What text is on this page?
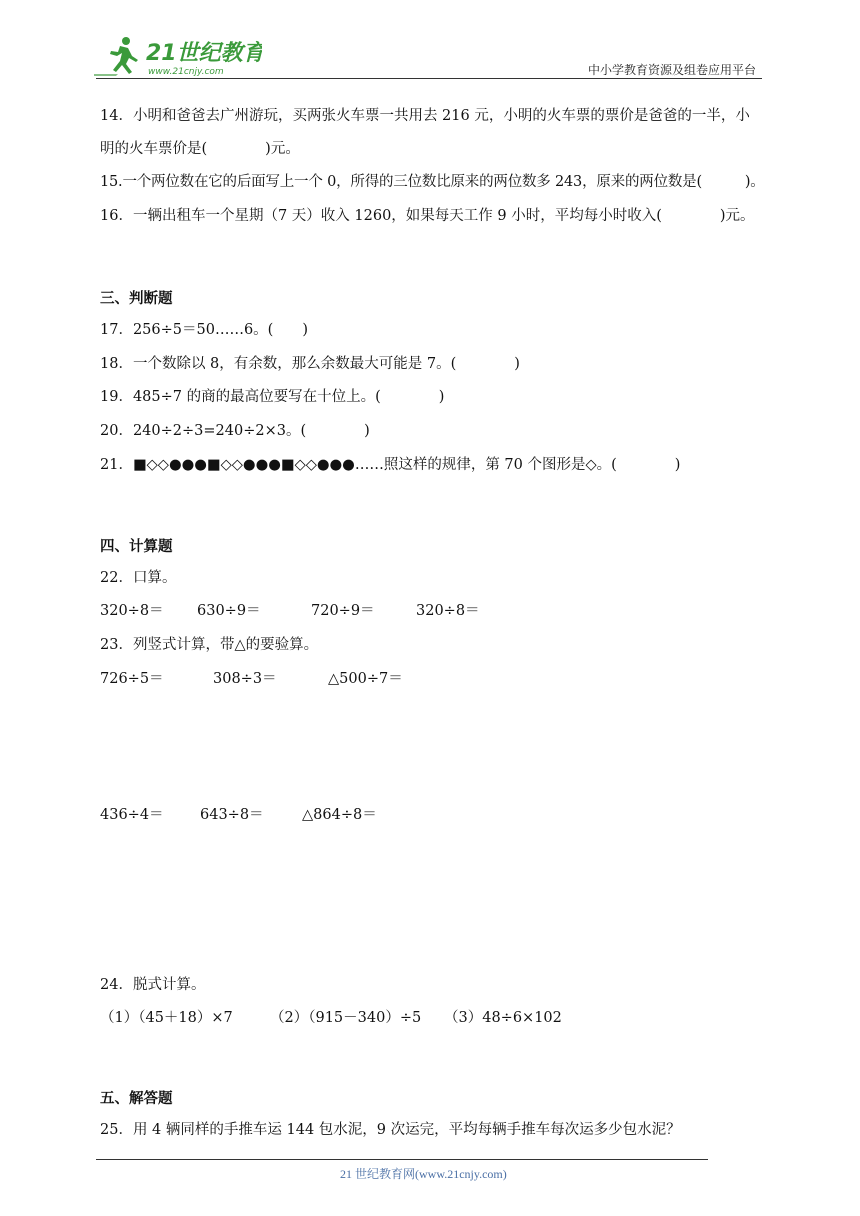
21世纪教育
www.21cnjy.com	中小学教育资源及组卷应用平台
14．小明和爸爸去广州游玩，买两张火车票一共用去 216 元，小明的火车票的票价是爸爸的一半，小
明的火车票价是(　　　　)元。
15.一个两位数在它的后面写上一个 0，所得的三位数比原来的两位数多 243，原来的两位数是(　　　)。
16．一辆出租车一个星期（7 天）收入 1260，如果每天工作 9 小时，平均每小时收入(　　　　)元。
三、判断题
17．256÷5＝50……6。(　　)
18．一个数除以 8，有余数，那么余数最大可能是 7。(　　　　)
19．485÷7 的商的最高位要写在十位上。(　　　　)
20．240÷2÷3=240÷2×3。(　　　　)
21．■◇◇●●●■◇◇●●●■◇◇●●●……照这样的规律，第 70 个图形是◇。(　　　　)
四、计算题
22．口算。
320÷8＝ 630÷9＝	720÷9＝	320÷8＝
23．列竖式计算，带△的要验算。
726÷5＝	308÷3＝	△500÷7＝
436÷4＝	643÷8＝	△864÷8＝
24．脱式计算。
（1）（45＋18）×7	（2）（915－340）÷5 （3）48÷6×102
五、解答题
25．用 4 辆同样的手推车运 144 包水泥，9 次运完，平均每辆手推车每次运多少包水泥？
21 世纪教育网(www.21cnjy.com)
